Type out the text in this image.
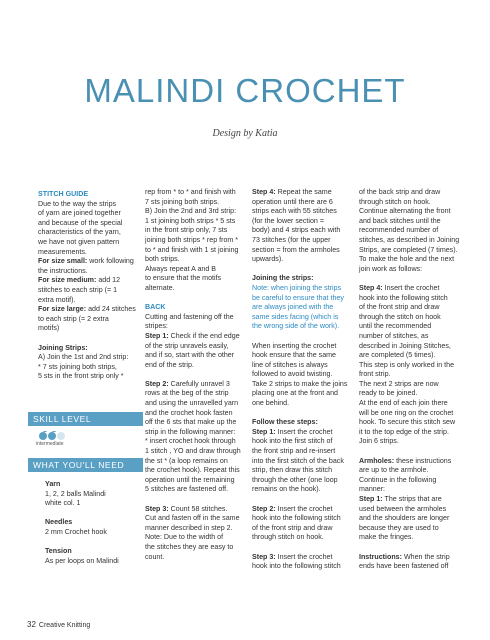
MALINDI CROCHET
Design by Katia
STITCH GUIDE
Due to the way the strips
of yarn are joined together
and because of the special
characteristics of the yarn,
we have not given pattern
measurements.
For size small: work following
the instructions.
For size medium: add 12
stitches to each strip (= 1
extra motif).
For size large: add 24 stitches
to each strip (= 2 extra
motifs)
Joining Strips:
A) Join the 1st and 2nd strip:
* 7 sts joining both strips,
5 sts in the front strip only *
SKILL LEVEL
intermediate
WHAT YOU'LL NEED
Yarn
1, 2, 2 balls Malindi
white col. 1
Needles
2 mm Crochet hook
Tension
As per loops on Malindi
rep from * to * and finish with
7 sts joining both strips.
B) Join the 2nd and 3rd strip:
1 st joining both strips * 5 sts
in the front strip only, 7 sts
joining both strips * rep from *
to * and finish with 1 st joining
both strips.
Always repeat A and B
to ensure that the motifs
alternate.
BACK
Cutting and fastening off the
stripes:
Step 1: Check if the end edge
of the strip unravels easily,
and if so, start with the other
end of the strip.
Step 2: Carefully unravel 3
rows at the beg of the strip
and using the unravelled yarn
and the crochet hook fasten
off the 6 sts that make up the
strip in the following manner:
* insert crochet hook through
1 stitch , YO and draw through
the st * (a loop remains on
the crochet hook). Repeat this
operation until the remaining
5 stitches are fastened off.
Step 3: Count 58 stitches.
Cut and fasten off in the same
manner described in step 2.
Note: Due to the width of
the stitches they are easy to
count.
Step 4: Repeat the same
operation until there are 6
strips each with 55 stitches
(for the lower section =
body) and 4 strips each with
73 stitches (for the upper
section = from the armholes
upwards).
Joining the strips:
Note: when joining the strips
be careful to ensure that they
are always joined with the
same sides facing (which is
the wrong side of the work).
When inserting the crochet
hook ensure that the same
line of stitches is always
followed to avoid twisting.
Take 2 strips to make the joins
placing one at the front and
one behind.
Follow these steps:
Step 1: Insert the crochet
hook into the first stitch of
the front strip and re-insert
into the first stitch of the back
strip, then draw this stitch
through the other (one loop
remains on the hook).
Step 2: Insert the crochet
hook into the following stitch
of the front strip and draw
through stitch on hook.
Step 3: Insert the crochet
hook into the following stitch
of the back strip and draw
through stitch on hook.
Continue alternating the front
and back stitches until the
recommended number of
stitches, as described in Joining
Strips, are completed (7 times).
To make the hole and the next
join work as follows:
Step 4: Insert the crochet
hook into the following stitch
of the front strip and draw
through the stitch on hook
until the recommended
number of stitches, as
described in Joining Stitches,
are completed (5 times).
This step is only worked in the
front strip.
The next 2 strips are now
ready to be joined.
At the end of each join there
will be one ring on the crochet
hook. To secure this stitch sew
it to the top edge of the strip.
Join 6 strips.
Armholes: these instructions
are up to the armhole.
Continue in the following
manner:
Step 1: The strips that are
used between the armholes
and the shoulders are longer
because they are used to
make the fringes.
Instructions: When the strip
ends have been fastened off
32 Creative Knitting
